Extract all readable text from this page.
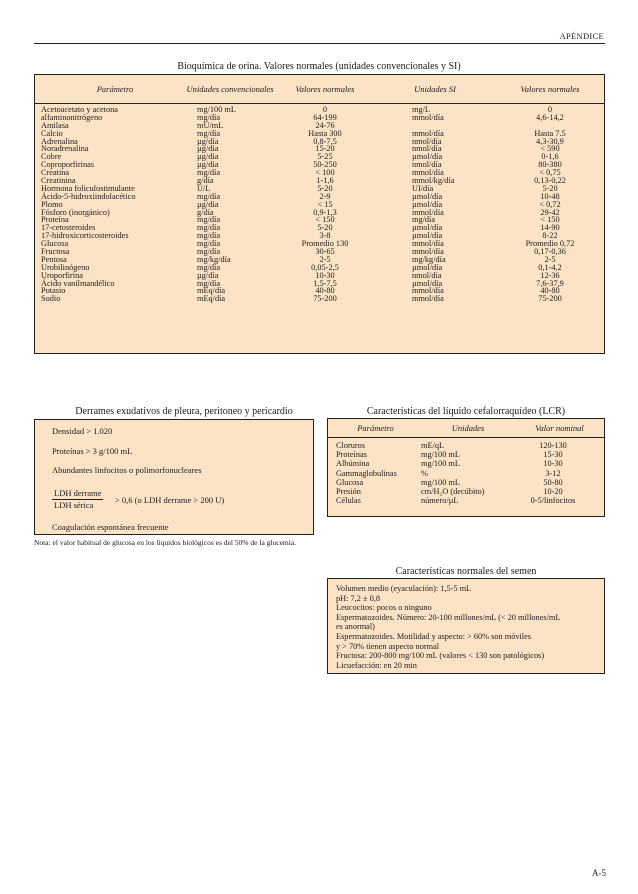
APÉNDICE
Bioquímica de orina. Valores normales (unidades convencionales y SI)
Parámetro	Unidades convencionales	Valores normales	Unidades SI	Valores normales
Acetoacetato y acetona	mg/100 mL	0	mg/L	0
alfaminonitrógeno	mg/día	64-199	mmol/día	4,6-14,2
Amilasa	mU/mL	24-76
Calcio	mg/día	Hasta 300	mmol/día	Hasta 7.5
Adrenalina	µg/día	0,8-7,5	nmol/día	4,3-30,9
Noradrenalina	µg/día	15-20	nmol/día	< 590
Cobre	µg/día	5-25	µmol/día	0-1,6
Coproporfirinas	µg/día	50-250	nmol/día	80-380
Creatina	mg/día	< 100	mmol/día	< 0,75
Creatinina	g/día	1-1,6	mmol/kg/día	0,13-0,22
Hormona foliculostimulante	U/L	5-20	UI/día	5-20
Ácido-5-hidroxiindolacético	mg/día	2-9	µmol/día	10-48
Plomo	µg/día	< 15	µmol/día	< 0,72
Fósforo (inorgánico)	g/día	0,9-1,3	mmol/día	29-42
Proteína	mg/día	< 150	mg/día	< 150
17-cetosteroides	mg/día	5-20	µmol/día	14-90
17-hidroxicorticosteroides	mg/día	3-8	µmol/día	8-22
Glucosa	mg/día	Promedio 130	mmol/día	Promedio 0,72
Fructosa	mg/día	30-65	mmol/día	0,17-0,36
Pentosa	mg/kg/día	2-5	mg/kg/día	2-5
Urobilinógeno	mg/día	0,05-2,5	µmol/día	0,1-4,2
Uroporfirina	µg/día	10-30	nmol/día	12-36
Ácido vanilmandélico	mg/día	1,5-7,5	µmol/día	7,6-37,9
Potasio	mEq/día	40-80	mmol/día	40-80
Sodio	mEq/día	75-200	mmol/día	75-200
Derrames exudativos de pleura, peritoneo y pericardio
Densidad > 1.020
Proteínas > 3 g/100 mL
Abundantes linfocitos o polimorfonucleares
LDH derrame
LDH sérica	> 0,6 (o LDH derrame > 200 U)
Coagulación espontánea frecuente
Nota: el valor habitual de glucosa en los líquidos biológicos es del 50% de la glucemia.
Características del líquido cefalorraquídeo (LCR)
Parámetro	Unidades	Valor nominal
Cloruros	mE/qL	120-130
Proteínas	mg/100 mL	15-30
Albúmina	mg/100 mL	10-30
Gammaglobulinas	%	3-12
Glucosa	mg/100 mL	50-80
Presión	cm/H₂O (decúbito)	10-20
Células	número/µL	0-5/linfocitos
Características normales del semen
Volumen medio (eyaculación): 1,5-5 mL
pH: 7,2 ± 0,8
Leucocitos: pocos o ninguno
Espermatozoides. Número: 20-100 millones/mL (< 20 millones/mL
es anormal)
Espermatozoides. Motilidad y aspecto: > 60% son móviles
y > 70% tienen aspecto normal
Fructosa: 200-800 mg/100 mL (valores < 130 son patológicos)
Licuefacción: en 20 min
A-5
